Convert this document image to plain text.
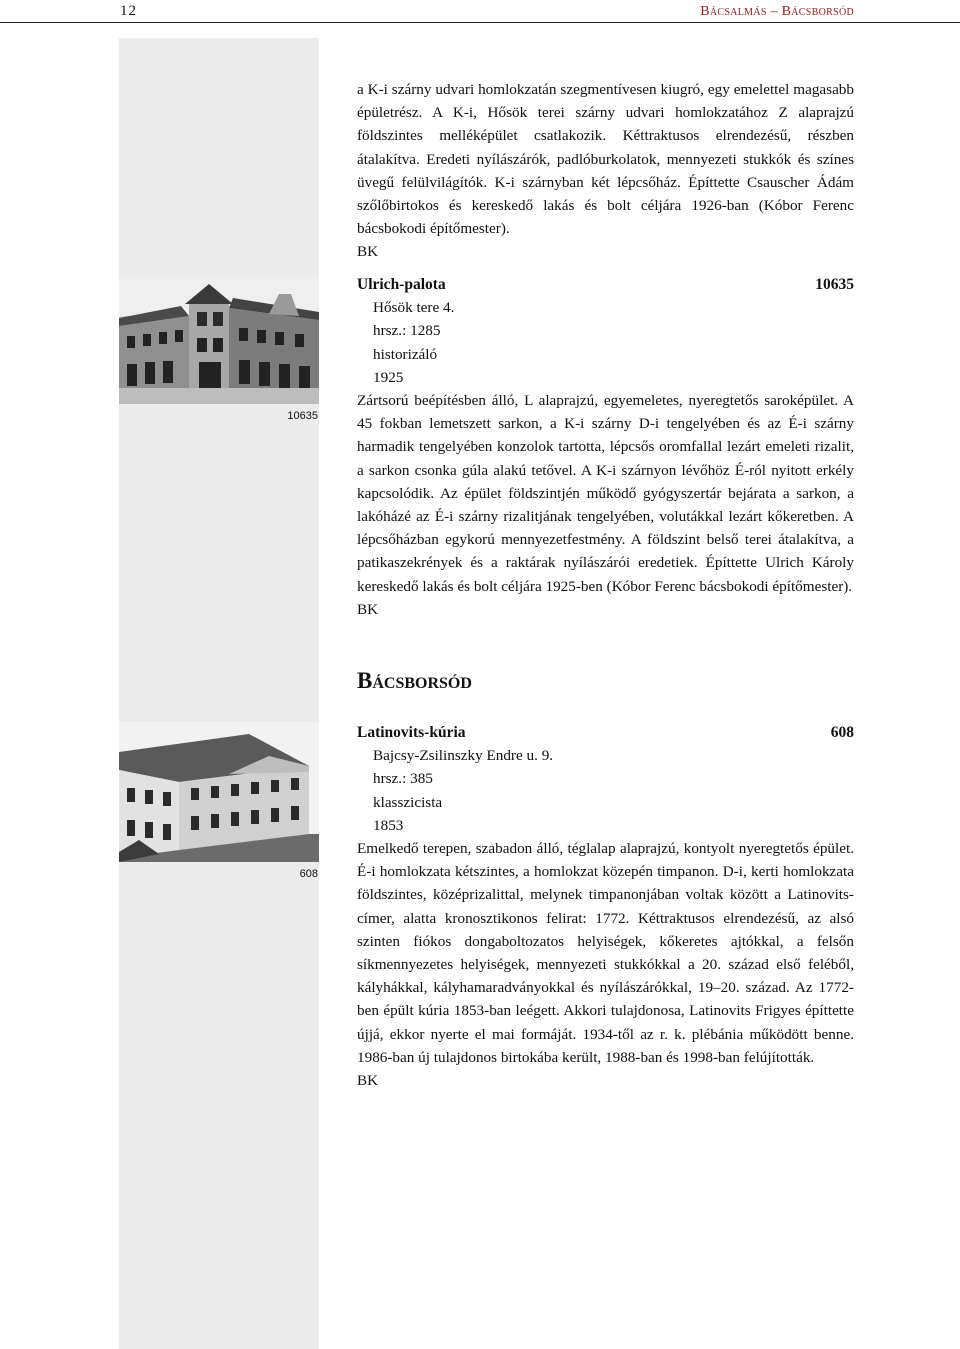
12	Bácsalmás – Bácsborsód
10635
608

a K-i szárny udvari homlokzatán szegmentívesen kiugró, egy emelettel magasabb épületrész. A K-i, Hősök terei szárny udvari homlokzatához Z alaprajzú földszintes melléképület csatlakozik. Kéttraktusos elrendezésű, részben átalakítva. Eredeti nyílászárók, padlóburkolatok, mennyezeti stukkók és színes üvegű felülvilágítók. K-i szárnyban két lépcsőház. Építtette Csauscher Ádám szőlőbirtokos és kereskedő lakás és bolt céljára 1926-ban (Kóbor Ferenc bácsbokodi építőmester).

BK

Ulrich-palota	10635
Hősök tere 4.
hrsz.: 1285
historizáló
1925

Zártsorú beépítésben álló, L alaprajzú, egyemeletes, nyeregtetős saroképület. A 45 fokban lemetszett sarkon, a K-i szárny D-i tengelyében és az É-i szárny harmadik tengelyében konzolok tartotta, lépcsős oromfallal lezárt emeleti rizalit, a sarkon csonka gúla alakú tetővel. A K-i szárnyon lévőhöz É-ról nyitott erkély kapcsolódik. Az épület földszintjén működő gyógyszertár bejárata a sarkon, a lakóházé az É-i szárny rizalitjának tengelyében, volutákkal lezárt kőkeretben. A lépcsőházban egykorú mennyezetfestmény. A földszint belső terei átalakítva, a patikaszekrények és a raktárak nyílászárói eredetiek. Építtette Ulrich Károly kereskedő lakás és bolt céljára 1925-ben (Kóbor Ferenc bácsbokodi építőmester).

BK

Bácsborsód
Latinovits-kúria	608
Bajcsy-Zsilinszky Endre u. 9.
hrsz.: 385
klasszicista
1853

Emelkedő terepen, szabadon álló, téglalap alaprajzú, kontyolt nyeregtetős épület. É-i homlokzata kétszintes, a homlokzat közepén timpanon. D-i, kerti homlokzata földszintes, középrizalittal, melynek timpanonjában voltak között a Latinovits-címer, alatta kronosztikonos felirat: 1772. Kéttraktusos elrendezésű, az alsó szinten fiókos dongaboltozatos helyiségek, kőkeretes ajtókkal, a felsőn síkmennyezetes helyiségek, mennyezeti stukkókkal a 20. század első feléből, kályhákkal, kályhamaradványokkal és nyílászárókkal, 19–20. század. Az 1772-ben épült kúria 1853-ban leégett. Akkori tulajdonosa, Latinovits Frigyes építtette újjá, ekkor nyerte el mai formáját. 1934-től az r. k. plébánia működött benne. 1986-ban új tulajdonos birtokába került, 1988-ban és 1998-ban felújították.

BK
